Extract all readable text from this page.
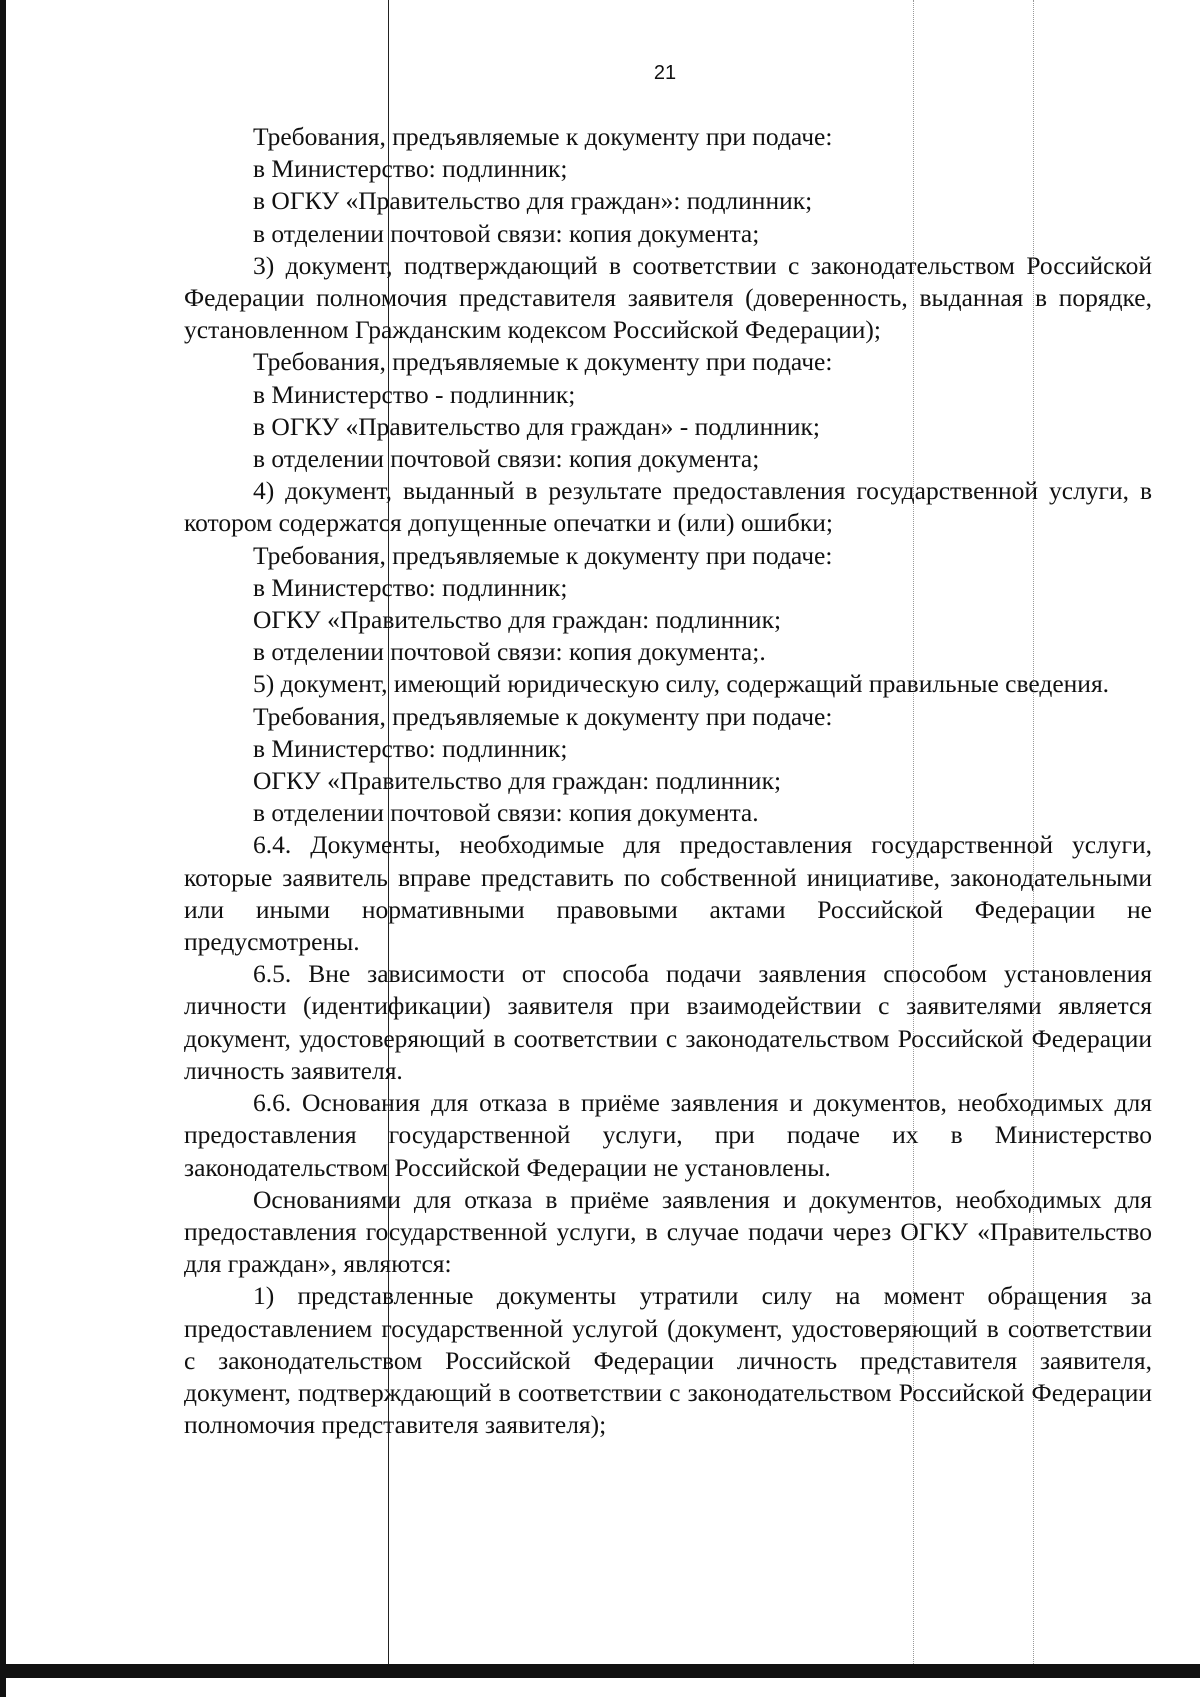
21

Требования, предъявляемые к документу при подаче:

в Министерство: подлинник;

в ОГКУ «Правительство для граждан»: подлинник;

в отделении почтовой связи: копия документа;

3) документ, подтверждающий в соответствии с законодательством Российской Федерации полномочия представителя заявителя (доверенность, выданная в порядке, установленном Гражданским кодексом Российской Федерации);

Требования, предъявляемые к документу при подаче:

в Министерство - подлинник;

в ОГКУ «Правительство для граждан» - подлинник;

в отделении почтовой связи: копия документа;

4) документ, выданный в результате предоставления государственной услуги, в котором содержатся допущенные опечатки и (или) ошибки;

Требования, предъявляемые к документу при подаче:

в Министерство: подлинник;

ОГКУ «Правительство для граждан: подлинник;

в отделении почтовой связи: копия документа;.

5) документ, имеющий юридическую силу, содержащий правильные сведения.

Требования, предъявляемые к документу при подаче:

в Министерство: подлинник;

ОГКУ «Правительство для граждан: подлинник;

в отделении почтовой связи: копия документа.

6.4. Документы, необходимые для предоставления государственной услуги, которые заявитель вправе представить по собственной инициативе, законодательными или иными нормативными правовыми актами Российской Федерации не предусмотрены.

6.5. Вне зависимости от способа подачи заявления способом установления личности (идентификации) заявителя при взаимодействии с заявителями является документ, удостоверяющий в соответствии с законодательством Российской Федерации личность заявителя.

6.6. Основания для отказа в приёме заявления и документов, необходимых для предоставления государственной услуги, при подаче их в Министерство законодательством Российской Федерации не установлены.

Основаниями для отказа в приёме заявления и документов, необходимых для предоставления государственной услуги, в случае подачи через ОГКУ «Правительство для граждан», являются:

1) представленные документы утратили силу на момент обращения за предоставлением государственной услугой (документ, удостоверяющий в соответствии с законодательством Российской Федерации личность представителя заявителя, документ, подтверждающий в соответствии с законодательством Российской Федерации полномочия представителя заявителя);
